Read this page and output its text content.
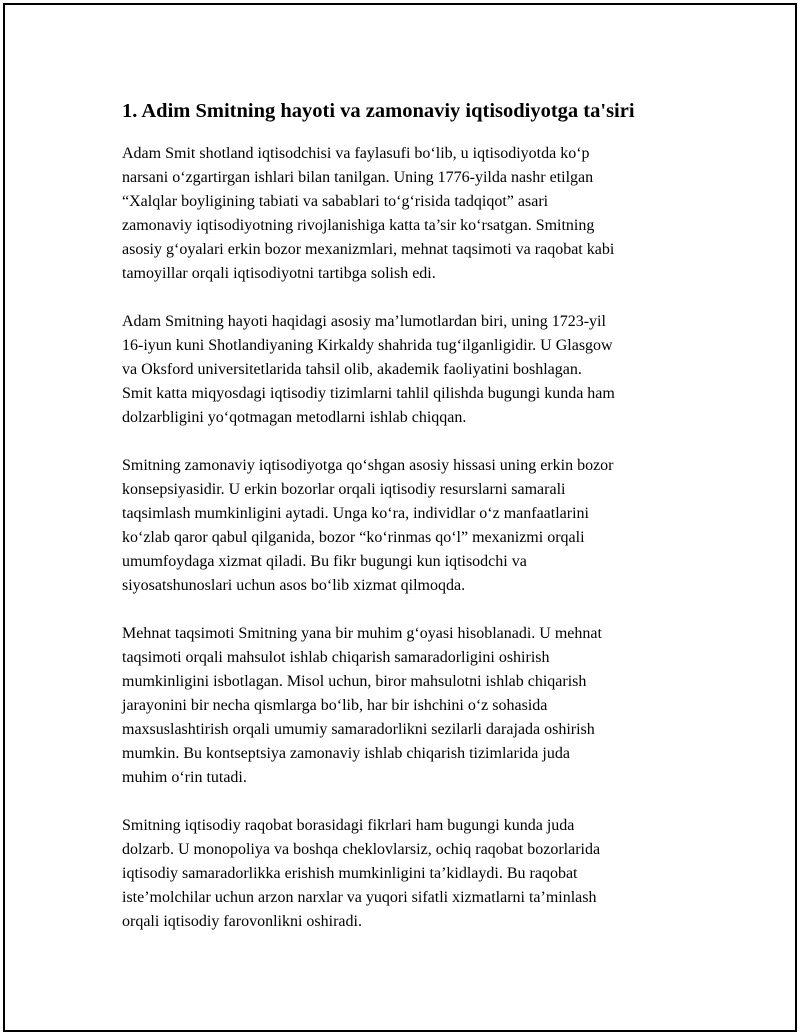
1. Adim Smitning hayoti va zamonaviy iqtisodiyotga ta'siri

Adam Smit shotland iqtisodchisi va faylasufi bo‘lib, u iqtisodiyotda ko‘p
narsani o‘zgartirgan ishlari bilan tanilgan. Uning 1776-yilda nashr etilgan
“Xalqlar boyligining tabiati va sabablari to‘g‘risida tadqiqot” asari
zamonaviy iqtisodiyotning rivojlanishiga katta ta’sir ko‘rsatgan. Smitning
asosiy g‘oyalari erkin bozor mexanizmlari, mehnat taqsimoti va raqobat kabi
tamoyillar orqali iqtisodiyotni tartibga solish edi.

Adam Smitning hayoti haqidagi asosiy ma’lumotlardan biri, uning 1723-yil
16-iyun kuni Shotlandiyaning Kirkaldy shahrida tug‘ilganligidir. U Glasgow
va Oksford universitetlarida tahsil olib, akademik faoliyatini boshlagan.
Smit katta miqyosdagi iqtisodiy tizimlarni tahlil qilishda bugungi kunda ham
dolzarbligini yo‘qotmagan metodlarni ishlab chiqqan.

Smitning zamonaviy iqtisodiyotga qo‘shgan asosiy hissasi uning erkin bozor
konsepsiyasidir. U erkin bozorlar orqali iqtisodiy resurslarni samarali
taqsimlash mumkinligini aytadi. Unga ko‘ra, individlar o‘z manfaatlarini
ko‘zlab qaror qabul qilganida, bozor “ko‘rinmas qo‘l” mexanizmi orqali
umumfoydaga xizmat qiladi. Bu fikr bugungi kun iqtisodchi va
siyosatshunoslari uchun asos bo‘lib xizmat qilmoqda.

Mehnat taqsimoti Smitning yana bir muhim g‘oyasi hisoblanadi. U mehnat
taqsimoti orqali mahsulot ishlab chiqarish samaradorligini oshirish
mumkinligini isbotlagan. Misol uchun, biror mahsulotni ishlab chiqarish
jarayonini bir necha qismlarga bo‘lib, har bir ishchini o‘z sohasida
maxsuslashtirish orqali umumiy samaradorlikni sezilarli darajada oshirish
mumkin. Bu kontseptsiya zamonaviy ishlab chiqarish tizimlarida juda
muhim o‘rin tutadi.

Smitning iqtisodiy raqobat borasidagi fikrlari ham bugungi kunda juda
dolzarb. U monopoliya va boshqa cheklovlarsiz, ochiq raqobat bozorlarida
iqtisodiy samaradorlikka erishish mumkinligini ta’kidlaydi. Bu raqobat
iste’molchilar uchun arzon narxlar va yuqori sifatli xizmatlarni ta’minlash
orqali iqtisodiy farovonlikni oshiradi.
